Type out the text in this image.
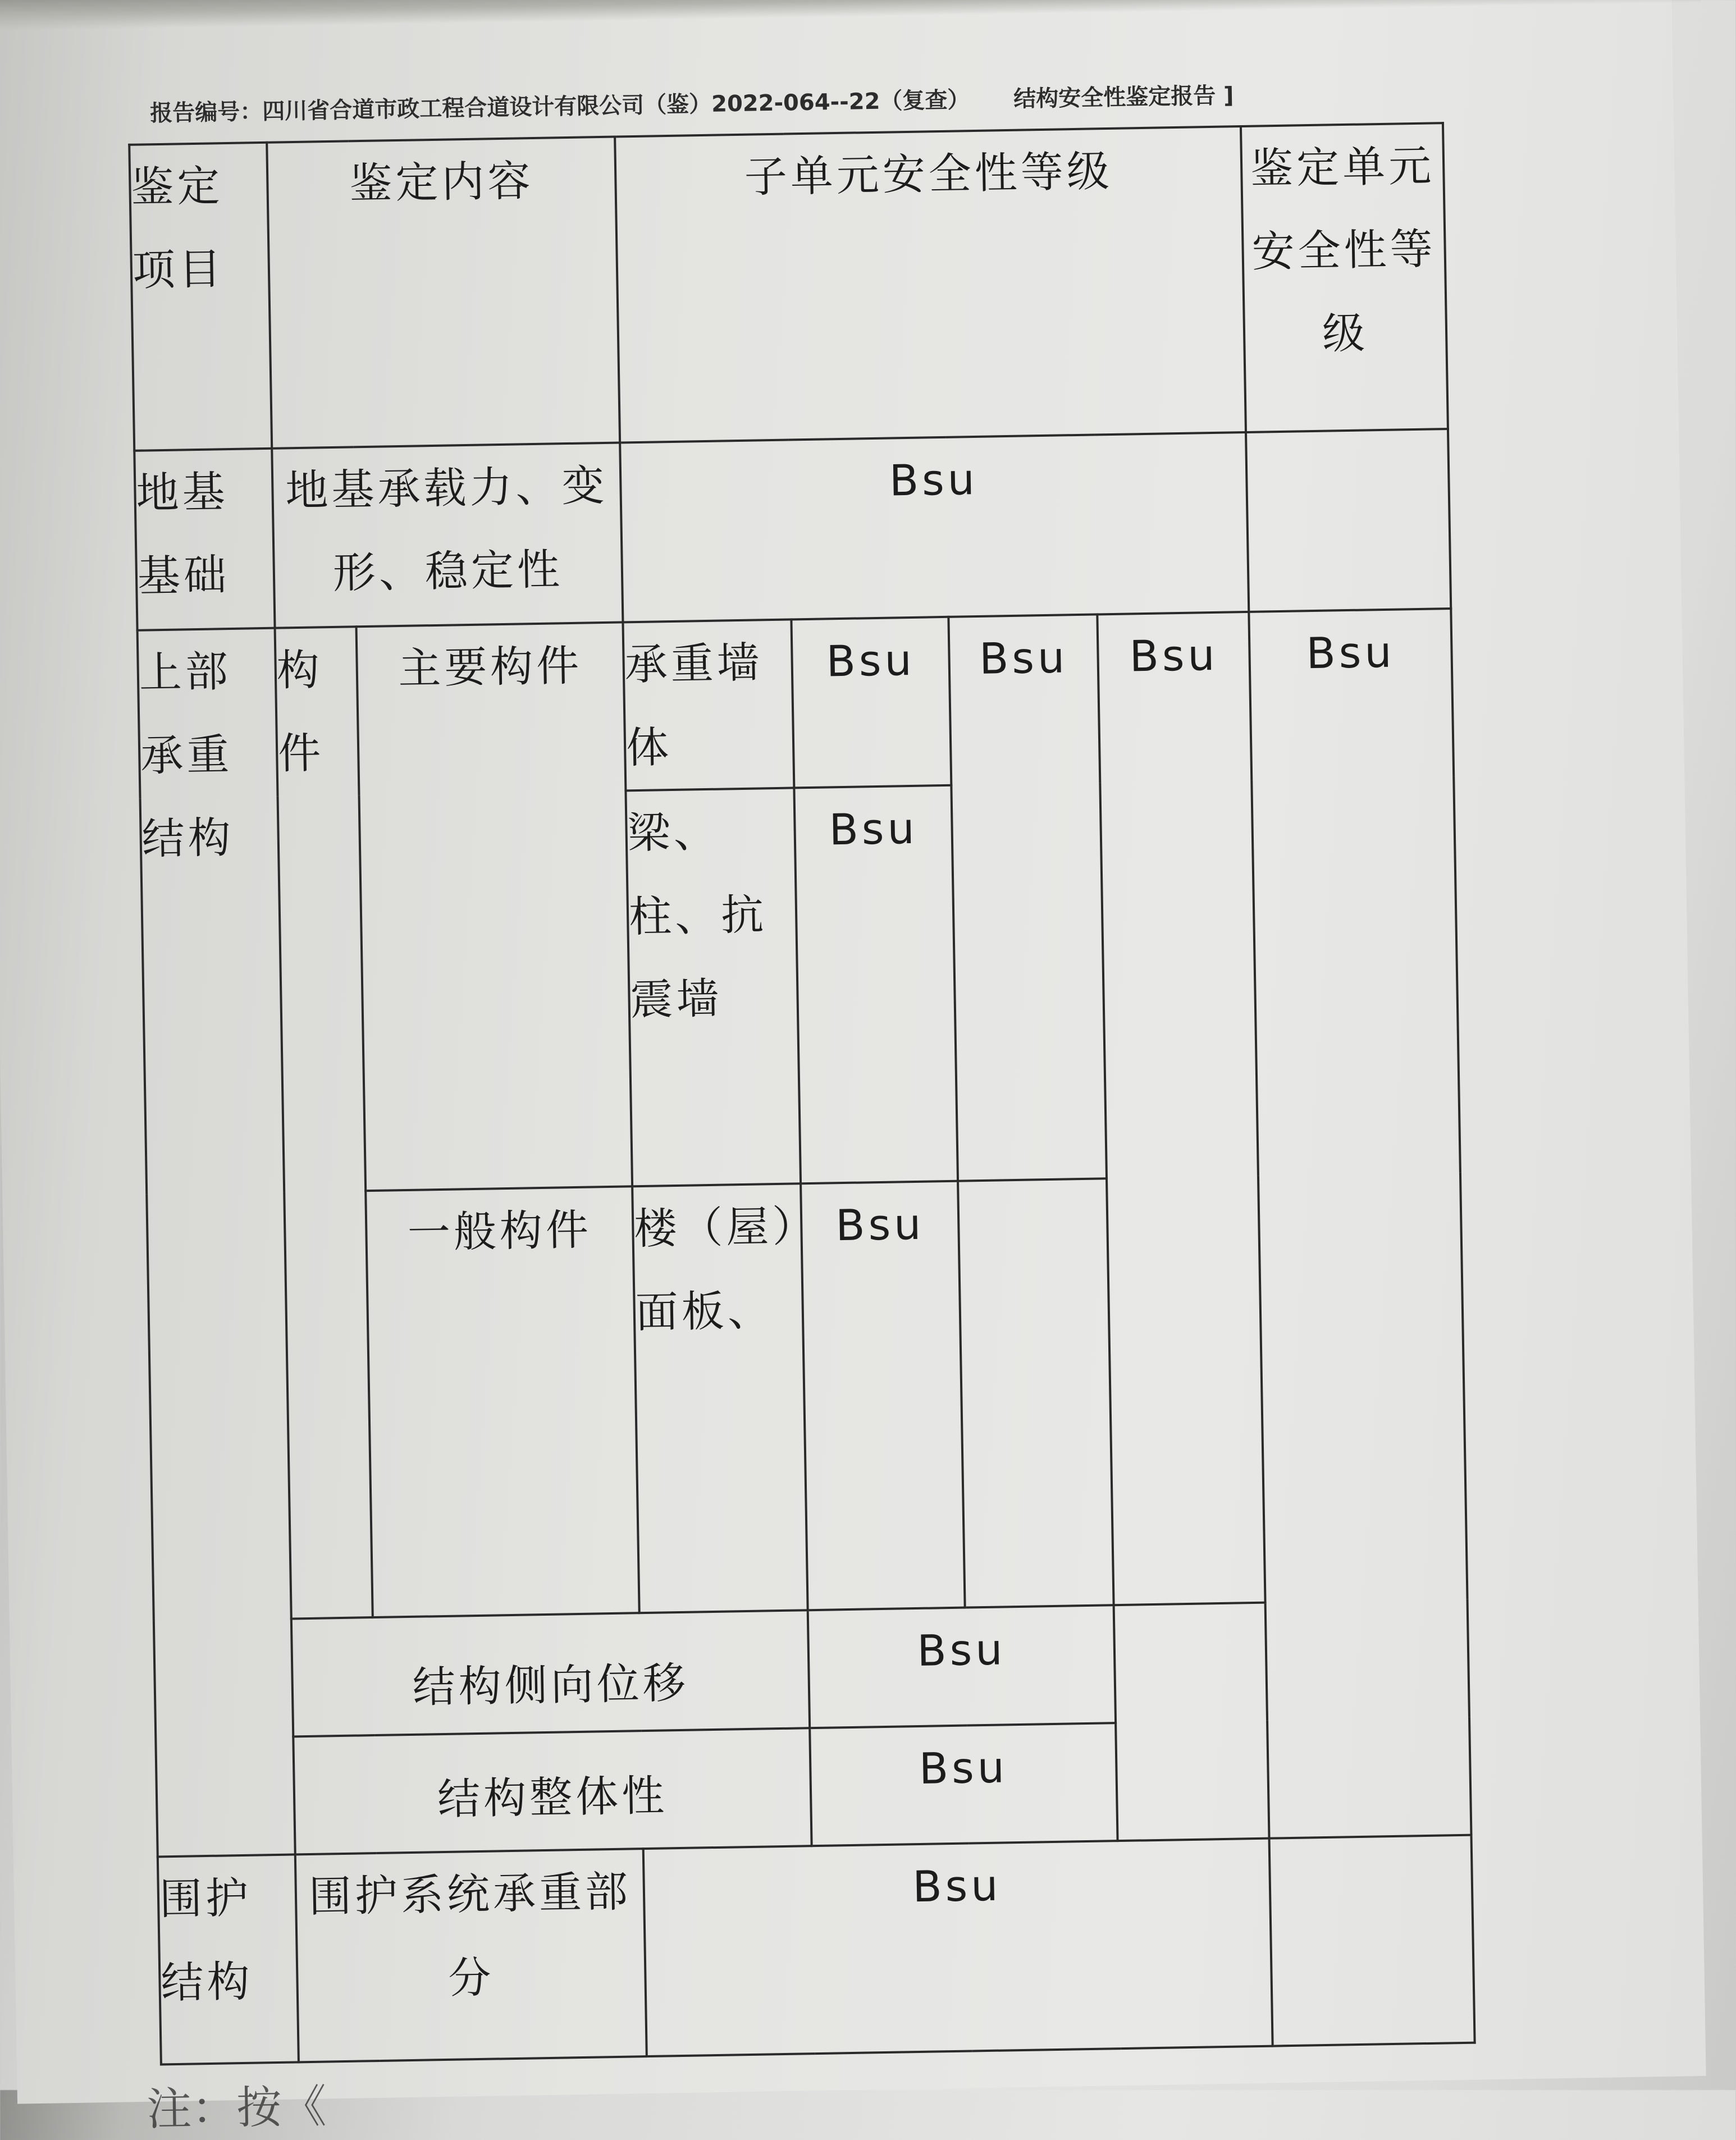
报告编号：四川省合道市政工程合道设计有限公司（鉴）2022-064--22（复查） 结构安全性鉴定报告 ]
鉴定项目	鉴定内容		子单元安全性等级				鉴定单元安全性等级
地基基础	地基承载力、变形、稳定性		Bsu				
上部承重结构	构件	主要构件	承重墙体	Bsu	Bsu	Bsu	Bsu
			梁、柱、抗震墙	Bsu			
		一般构件	楼（屋）面板、	Bsu			
	结构侧向位移			Bsu			
	结构整体性			Bsu			
围护结构	围护系统承重部分		Bsu				
注：按《
